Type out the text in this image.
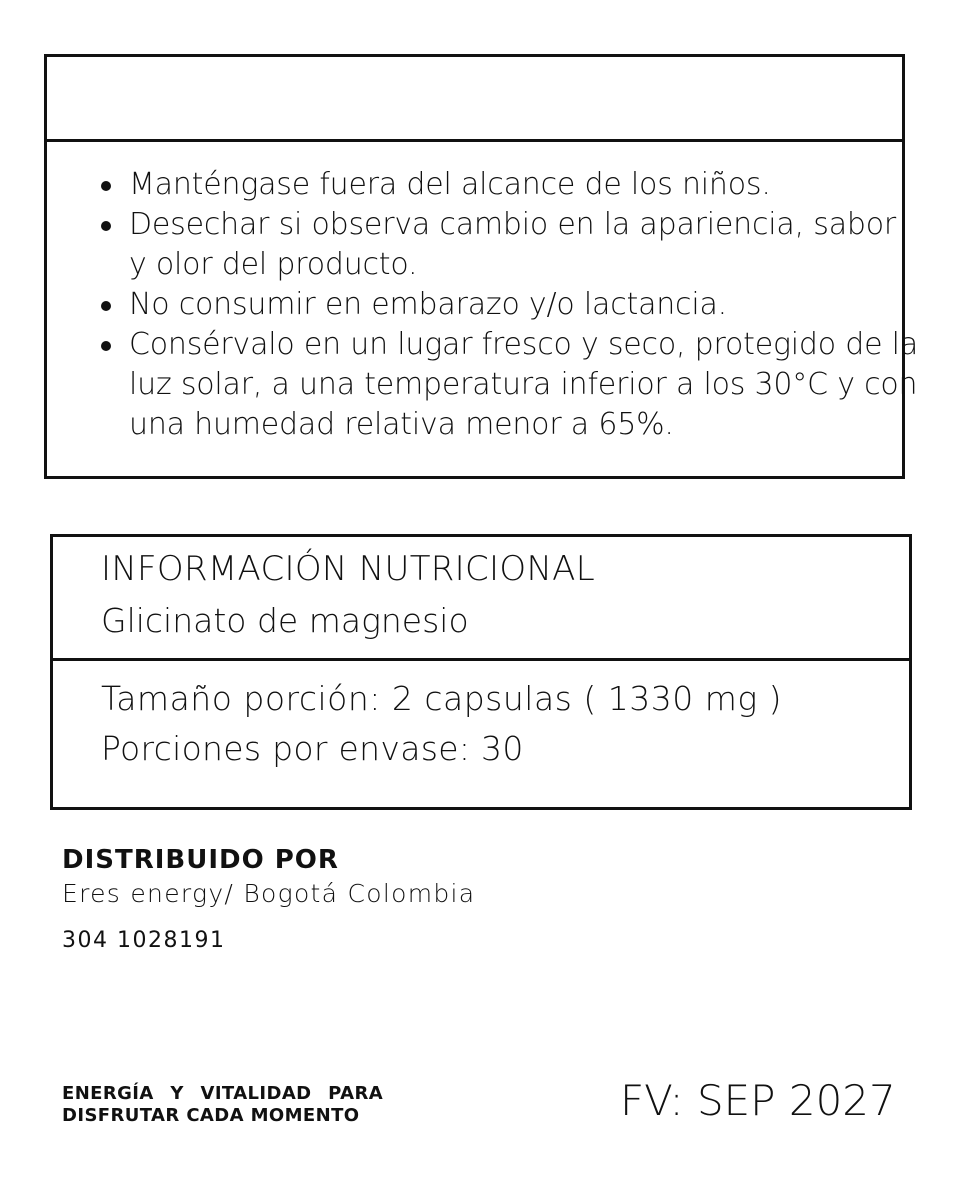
Manténgase fuera del alcance de los niños.
Desechar si observa cambio en la apariencia, sabor y olor del producto.
No consumir en embarazo y/o lactancia.
Consérvalo en un lugar fresco y seco, protegido de la luz solar, a una temperatura inferior a los 30°C y con una humedad relativa menor a 65%.
INFORMACIÓN NUTRICIONAL
Glicinato de magnesio
Tamaño porción: 2 capsulas ( 1330 mg )
Porciones por envase: 30
DISTRIBUIDO POR
Eres energy/ Bogotá Colombia
304 1028191
ENERGÍA Y VITALIDAD PARA
DISFRUTAR CADA MOMENTO	FV: SEP 2027
